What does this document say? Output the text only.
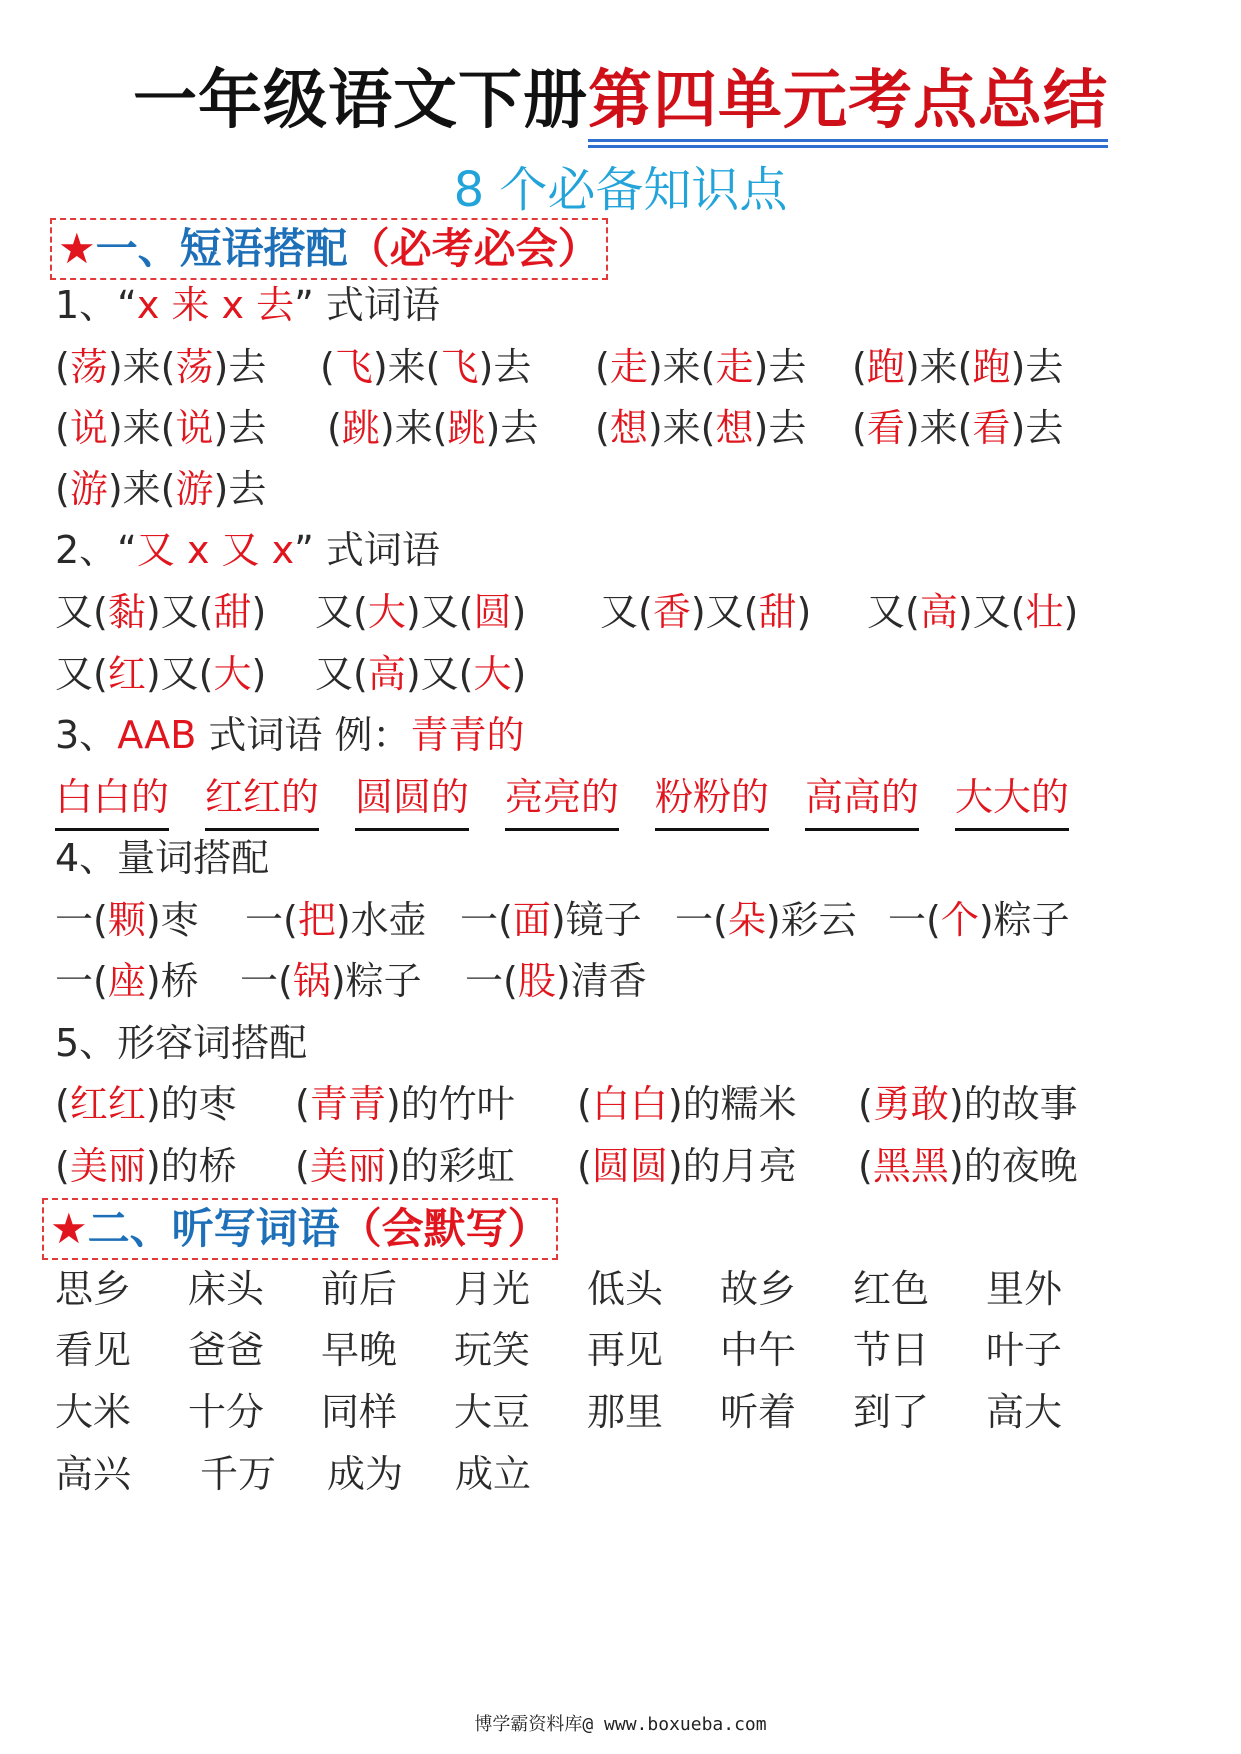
一年级语文下册第四单元考点总结
8 个必备知识点
★一、短语搭配（必考必会）
1、“x 来 x 去” 式词语
(荡)来(荡)去 (飞)来(飞)去 (走)来(走)去 (跑)来(跑)去
(说)来(说)去 (跳)来(跳)去 (想)来(想)去 (看)来(看)去
(游)来(游)去
2、“又 x 又 x” 式词语
又(黏)又(甜) 又(大)又(圆) 又(香)又(甜) 又(高)又(壮)
又(红)又(大) 又(高)又(大)
3、AAB 式词语 例：青青的
白白的 红红的 圆圆的 亮亮的 粉粉的 高高的 大大的
4、量词搭配
一(颗)枣 一(把)水壶 一(面)镜子 一(朵)彩云 一(个)粽子
一(座)桥 一(锅)粽子 一(股)清香
5、形容词搭配
(红红)的枣 (青青)的竹叶 (白白)的糯米 (勇敢)的故事
(美丽)的桥 (美丽)的彩虹 (圆圆)的月亮 (黑黑)的夜晚
★二、听写词语（会默写）
思乡 床头 前后 月光 低头 故乡 红色 里外
看见 爸爸 早晚 玩笑 再见 中午 节日 叶子
大米 十分 同样 大豆 那里 听着 到了 高大
高兴 千万 成为 成立
博学霸资料库@ www.boxueba.com
